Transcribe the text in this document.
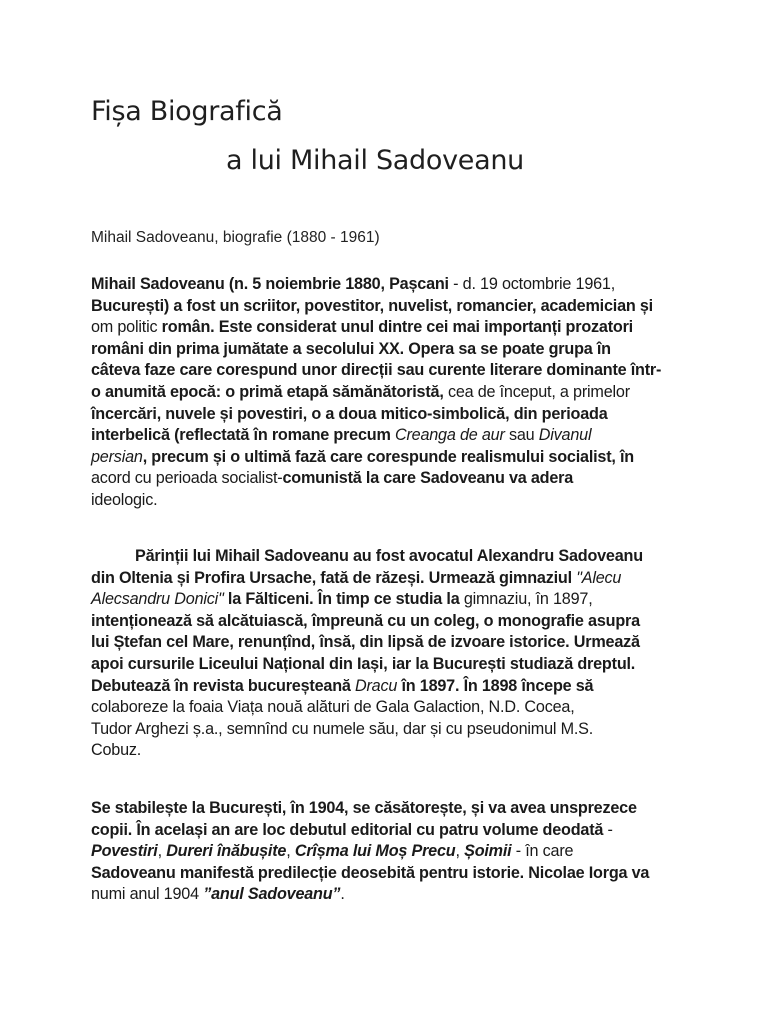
Fișa Biografică
a lui Mihail Sadoveanu
Mihail Sadoveanu, biografie (1880 - 1961)
Mihail Sadoveanu (n. 5 noiembrie 1880, Pașcani - d. 19 octombrie 1961,
București) a fost un scriitor, povestitor, nuvelist, romancier, academician și
om politic român. Este considerat unul dintre cei mai importanți prozatori
români din prima jumătate a secolului XX. Opera sa se poate grupa în
câteva faze care corespund unor direcții sau curente literare dominante într-
o anumită epocă: o primă etapă sămănătoristă, cea de început, a primelor
încercări, nuvele și povestiri, o a doua mitico-simbolică, din perioada
interbelică (reflectată în romane precum Creanga de aur sau Divanul
persian, precum și o ultimă fază care corespunde realismului socialist, în
acord cu perioada socialist-comunistă la care Sadoveanu va adera
ideologic.
Părinții lui Mihail Sadoveanu au fost avocatul Alexandru Sadoveanu
din Oltenia și Profira Ursache, fată de răzeși. Urmează gimnaziul "Alecu
Alecsandru Donici" la Fălticeni. În timp ce studia la gimnaziu, în 1897,
intenționează să alcătuiască, împreună cu un coleg, o monografie asupra
lui Ștefan cel Mare, renunțînd, însă, din lipsă de izvoare istorice. Urmează
apoi cursurile Liceului Național din Iași, iar la București studiază dreptul.
Debutează în revista bucureșteană Dracu în 1897. În 1898 începe să
colaboreze la foaia Viața nouă alături de Gala Galaction, N.D. Cocea,
Tudor Arghezi ș.a., semnînd cu numele său, dar și cu pseudonimul M.S.
Cobuz.
Se stabilește la București, în 1904, se căsătorește, și va avea unsprezece
copii. În același an are loc debutul editorial cu patru volume deodată -
Povestiri, Dureri înăbușite, Crîșma lui Moș Precu, Șoimii - în care
Sadoveanu manifestă predilecție deosebită pentru istorie. Nicolae Iorga va
numi anul 1904 ”anul Sadoveanu”.
